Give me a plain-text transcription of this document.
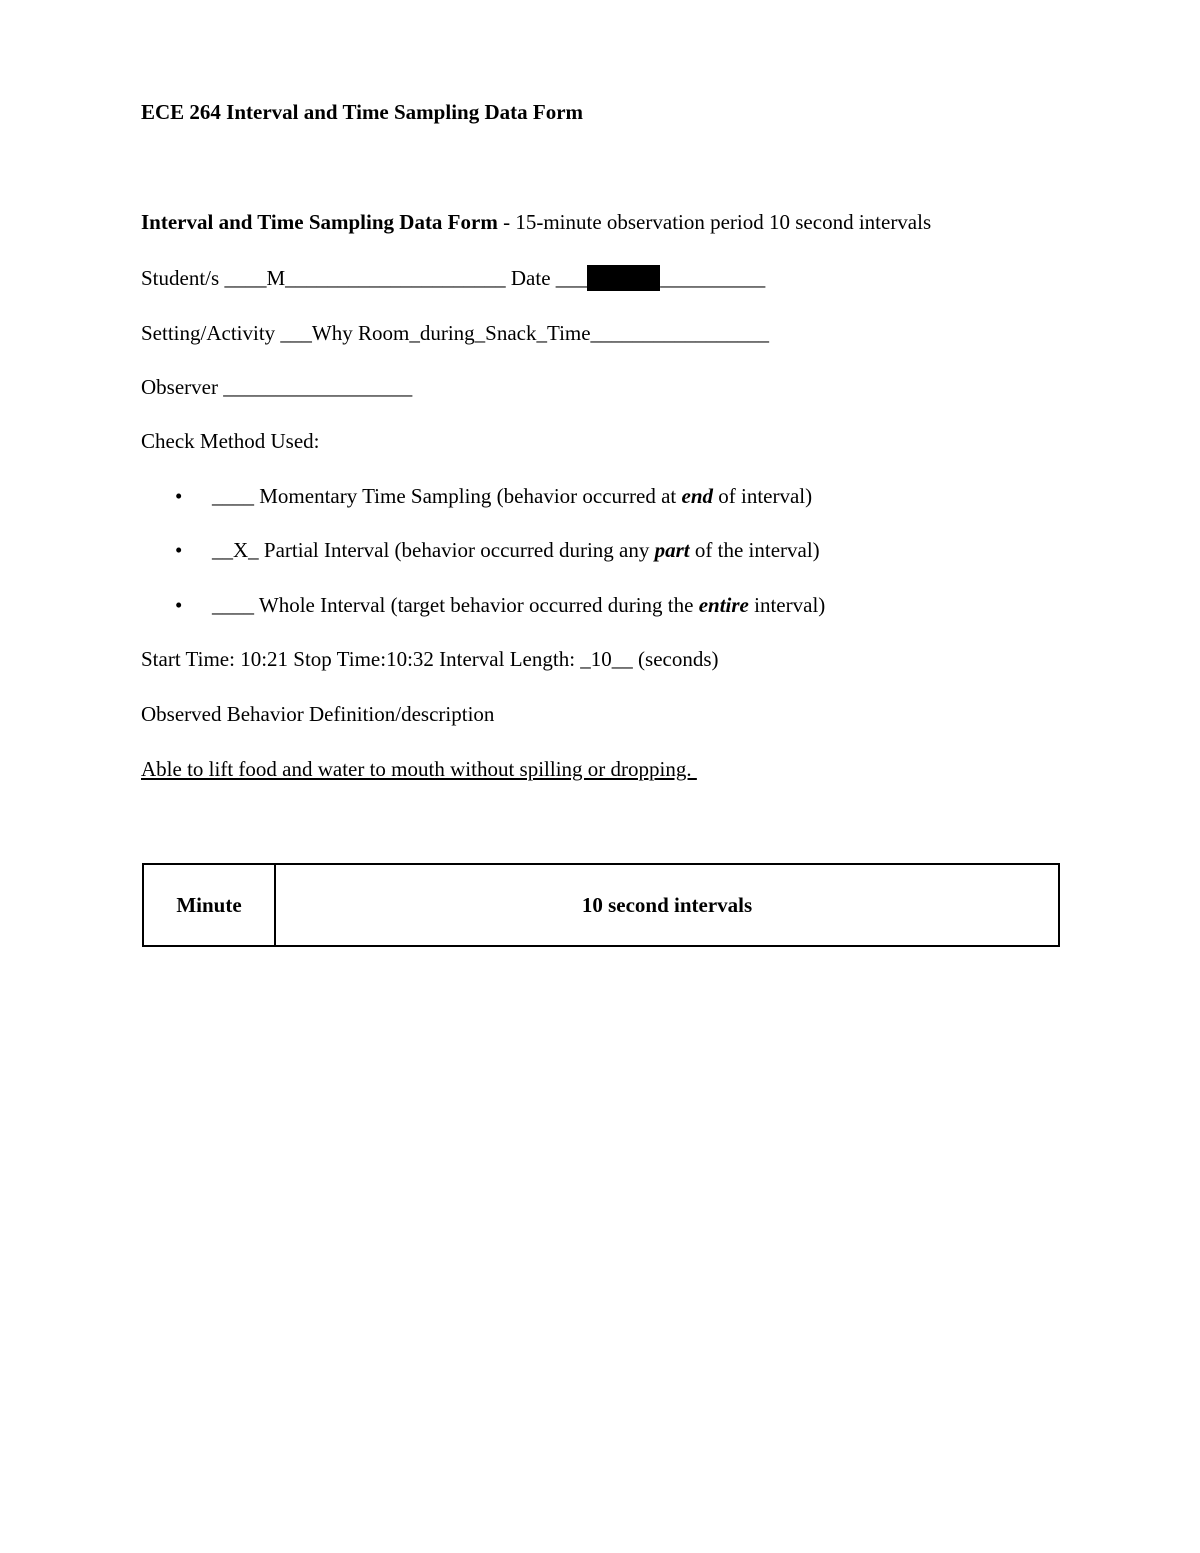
ECE 264 Interval and Time Sampling Data Form
Interval and Time Sampling Data Form - 15-minute observation period 10 second intervals
Student/s ____M_____________________ Date ___	__________
Setting/Activity ___Why Room_during_Snack_Time_________________
Observer __________________
Check Method Used:
• ____ Momentary Time Sampling (behavior occurred at end of interval)
• __X_ Partial Interval (behavior occurred during any part of the interval)
• ____ Whole Interval (target behavior occurred during the entire interval)
Start Time: 10:21 Stop Time:10:32 Interval Length: _10__ (seconds)
Observed Behavior Definition/description
Able to lift food and water to mouth without spilling or dropping.
Minute	10 second intervals
